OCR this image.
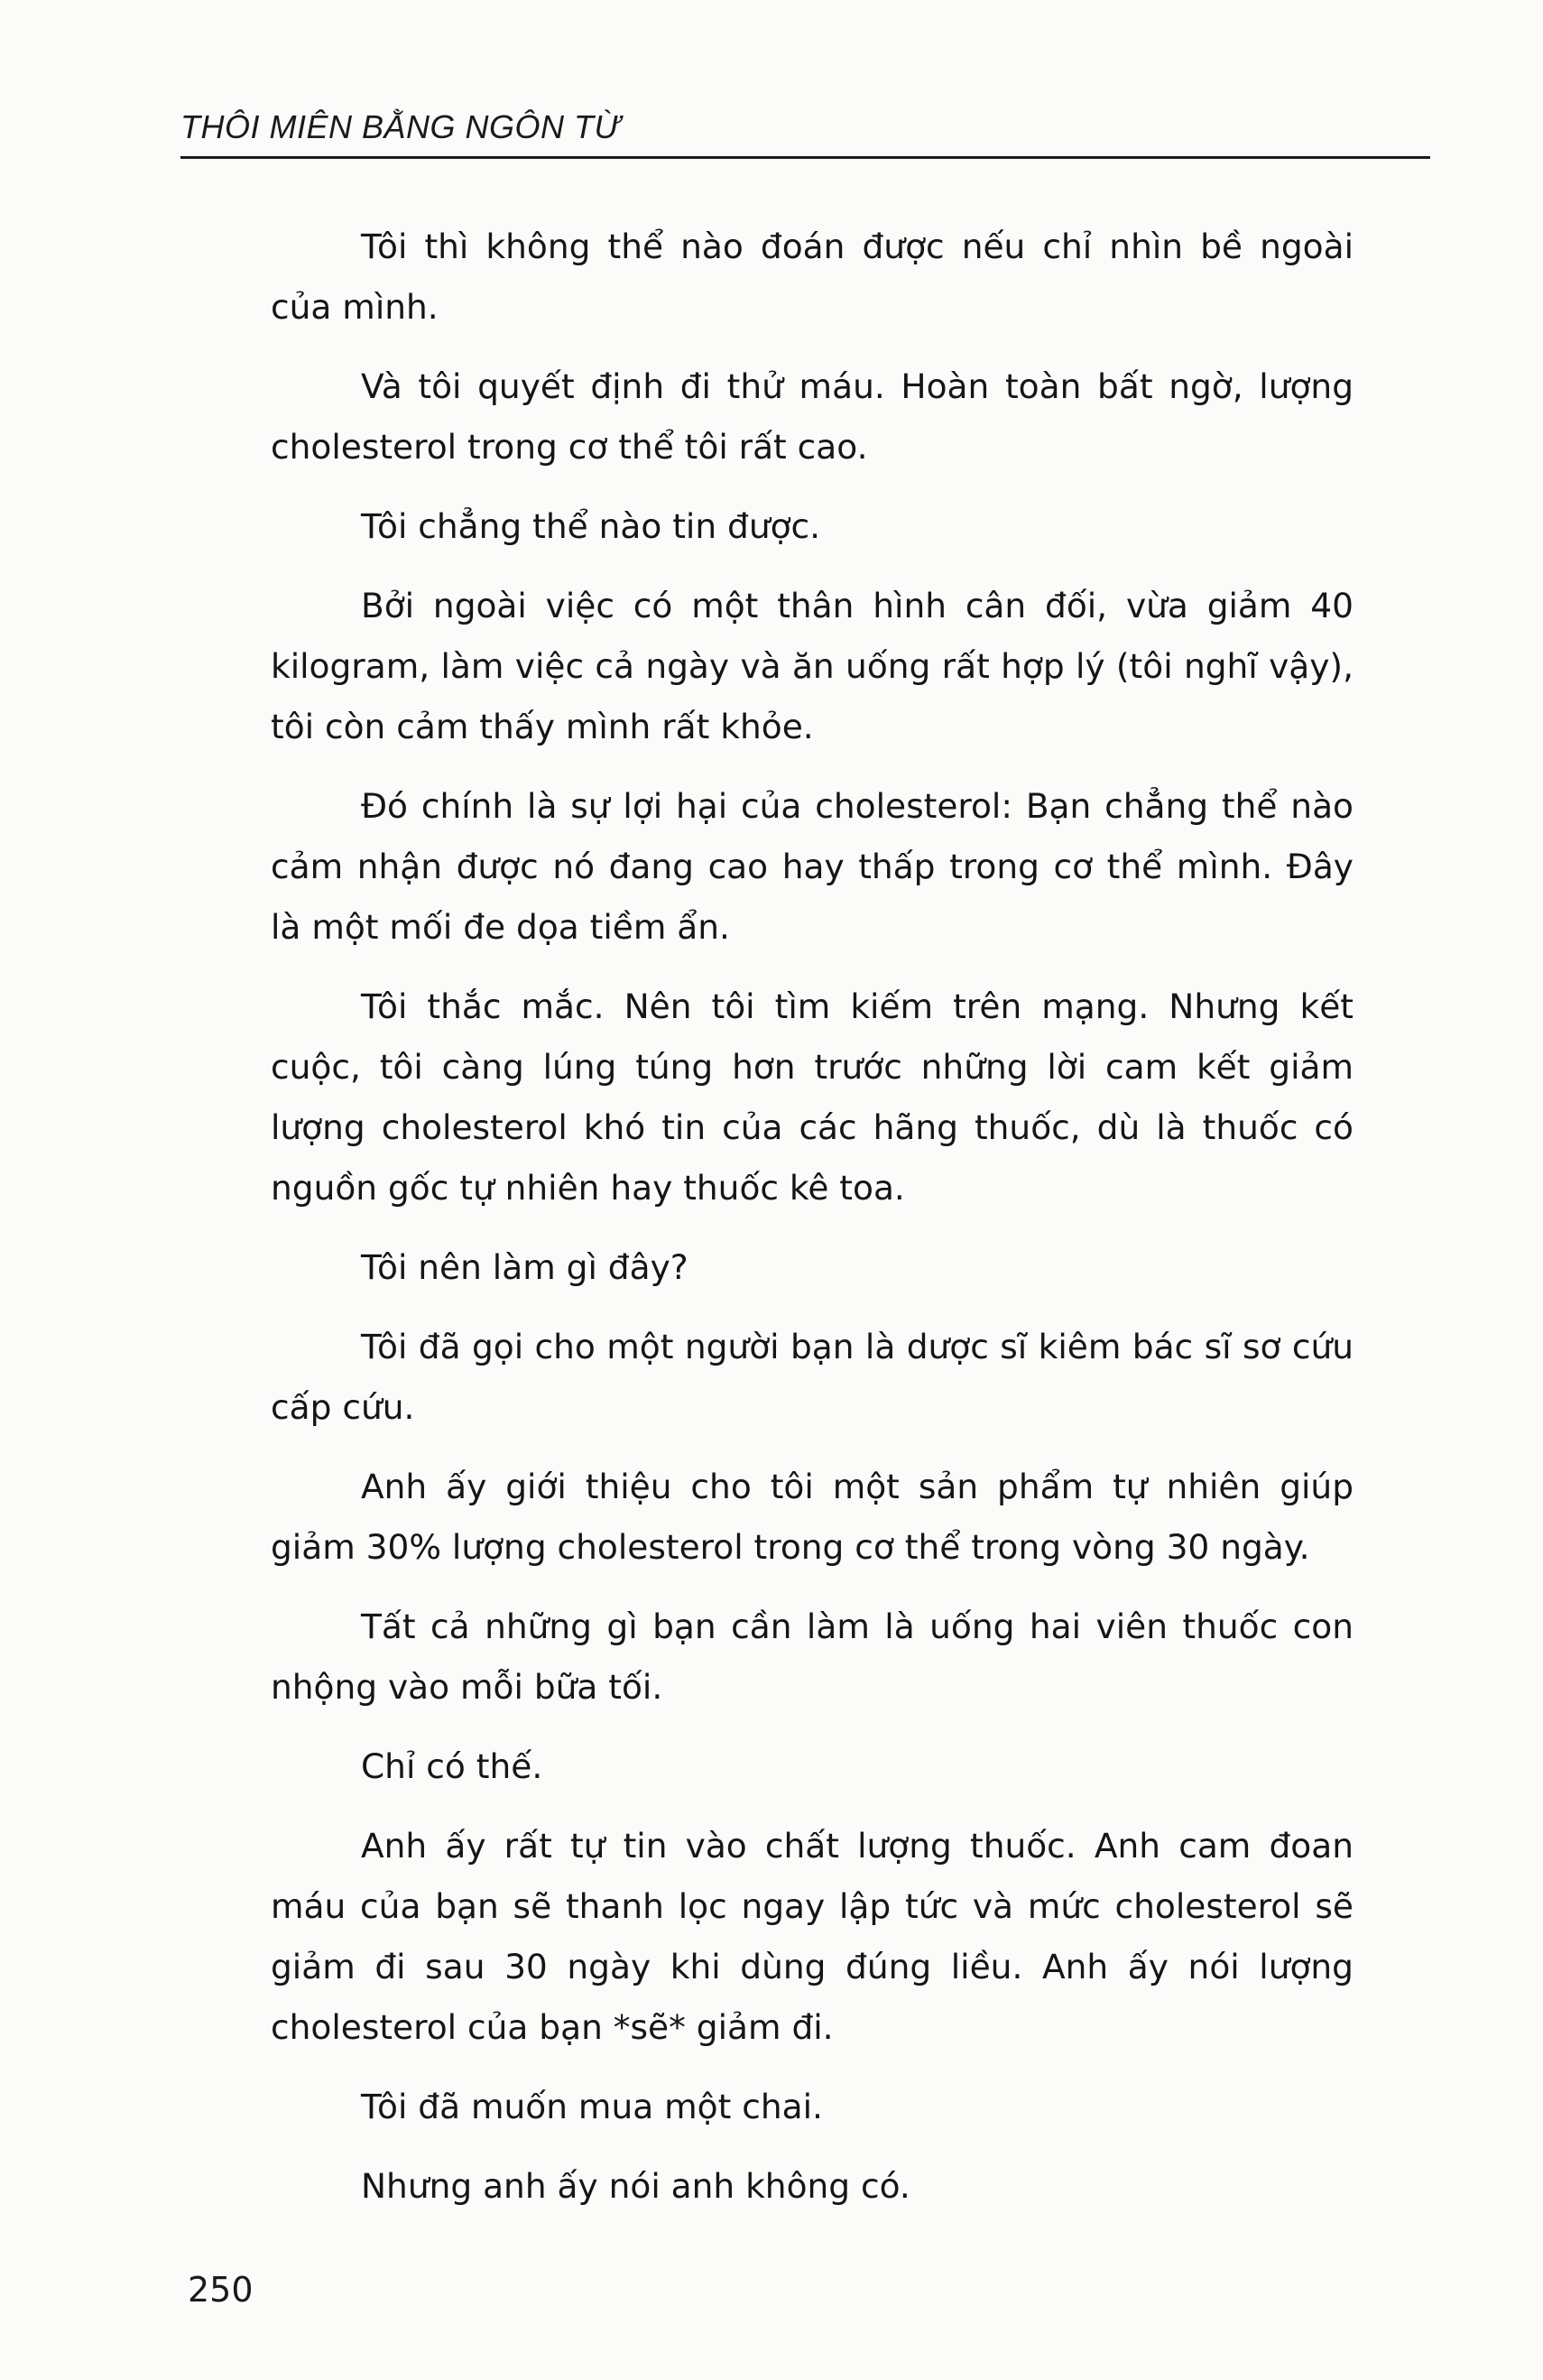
THÔI MIÊN BẰNG NGÔN TỪ

Tôi thì không thể nào đoán được nếu chỉ nhìn bề ngoài của mình.

Và tôi quyết định đi thử máu. Hoàn toàn bất ngờ, lượng cholesterol trong cơ thể tôi rất cao.

Tôi chẳng thể nào tin được.

Bởi ngoài việc có một thân hình cân đối, vừa giảm 40 kilogram, làm việc cả ngày và ăn uống rất hợp lý (tôi nghĩ vậy), tôi còn cảm thấy mình rất khỏe.

Đó chính là sự lợi hại của cholesterol: Bạn chẳng thể nào cảm nhận được nó đang cao hay thấp trong cơ thể mình. Đây là một mối đe dọa tiềm ẩn.

Tôi thắc mắc. Nên tôi tìm kiếm trên mạng. Nhưng kết cuộc, tôi càng lúng túng hơn trước những lời cam kết giảm lượng cholesterol khó tin của các hãng thuốc, dù là thuốc có nguồn gốc tự nhiên hay thuốc kê toa.

Tôi nên làm gì đây?

Tôi đã gọi cho một người bạn là dược sĩ kiêm bác sĩ sơ cứu cấp cứu.

Anh ấy giới thiệu cho tôi một sản phẩm tự nhiên giúp giảm 30% lượng cholesterol trong cơ thể trong vòng 30 ngày.

Tất cả những gì bạn cần làm là uống hai viên thuốc con nhộng vào mỗi bữa tối.

Chỉ có thế.

Anh ấy rất tự tin vào chất lượng thuốc. Anh cam đoan máu của bạn sẽ thanh lọc ngay lập tức và mức cholesterol sẽ giảm đi sau 30 ngày khi dùng đúng liều. Anh ấy nói lượng cholesterol của bạn *sẽ* giảm đi.

Tôi đã muốn mua một chai.

Nhưng anh ấy nói anh không có.

250
